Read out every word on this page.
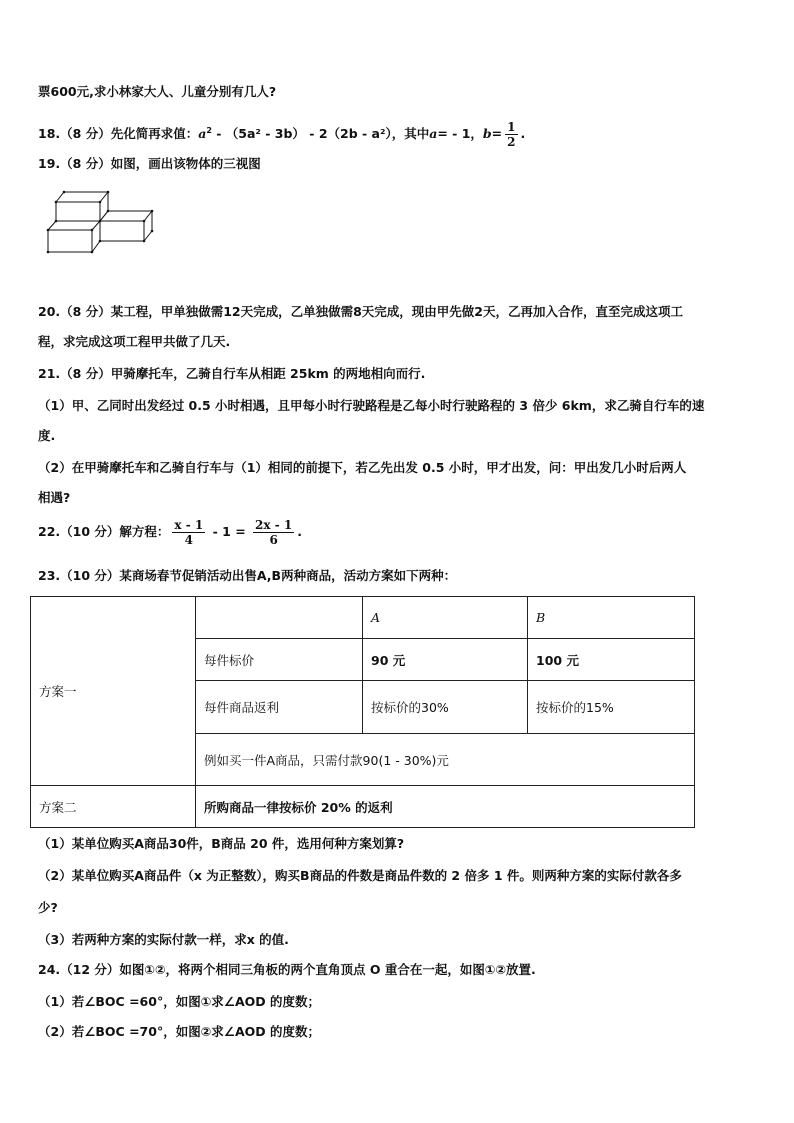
票600元,求小林家大人、儿童分别有几人?
18.（8 分）先化简再求值：$a^2 - (5a^2 - 3b) - 2(2b - a^2)$，其中a= - 1，$b= \frac{1}{2}$ .
19.（8 分）如图，画出该物体的三视图
20.（8 分）某工程，甲单独做需12天完成，乙单独做需8天完成，现由甲先做2天，乙再加入合作，直至完成这项工
程，求完成这项工程甲共做了几天.
21.（8 分）甲骑摩托车，乙骑自行车从相距 25km 的两地相向而行.
（1）甲、乙同时出发经过 0.5 小时相遇，且甲每小时行驶路程是乙每小时行驶路程的 3 倍少 6km，求乙骑自行车的速
度.
（2）在甲骑摩托车和乙骑自行车与（1）相同的前提下，若乙先出发 0.5 小时，甲才出发，问：甲出发几小时后两人
相遇?
22.（10 分）解方程： $\frac{x - 1}{4} - 1 = \frac{2x - 1}{6}$ .
23.（10 分）某商场春节促销活动出售A,B两种商品，活动方案如下两种：
方案一		A	B
	每件标价	90 元	100 元
	每件商品返利	按标价的30%	按标价的15%
	例如买一件A商品，只需付款90(1 - 30%)元		
方案二	所购商品一律按标价 20% 的返利		
（1）某单位购买A商品30件，B商品 20 件，选用何种方案划算?
（2）某单位购买A商品件（x 为正整数），购买B商品的件数是商品件数的 2 倍多 1 件。则两种方案的实际付款各多
少?
（3）若两种方案的实际付款一样，求x 的值.
24.（12 分）如图①②，将两个相同三角板的两个直角顶点 O 重合在一起，如图①②放置.
（1）若∠BOC =60°，如图①求∠AOD 的度数；
（2）若∠BOC =70°，如图②求∠AOD 的度数；
